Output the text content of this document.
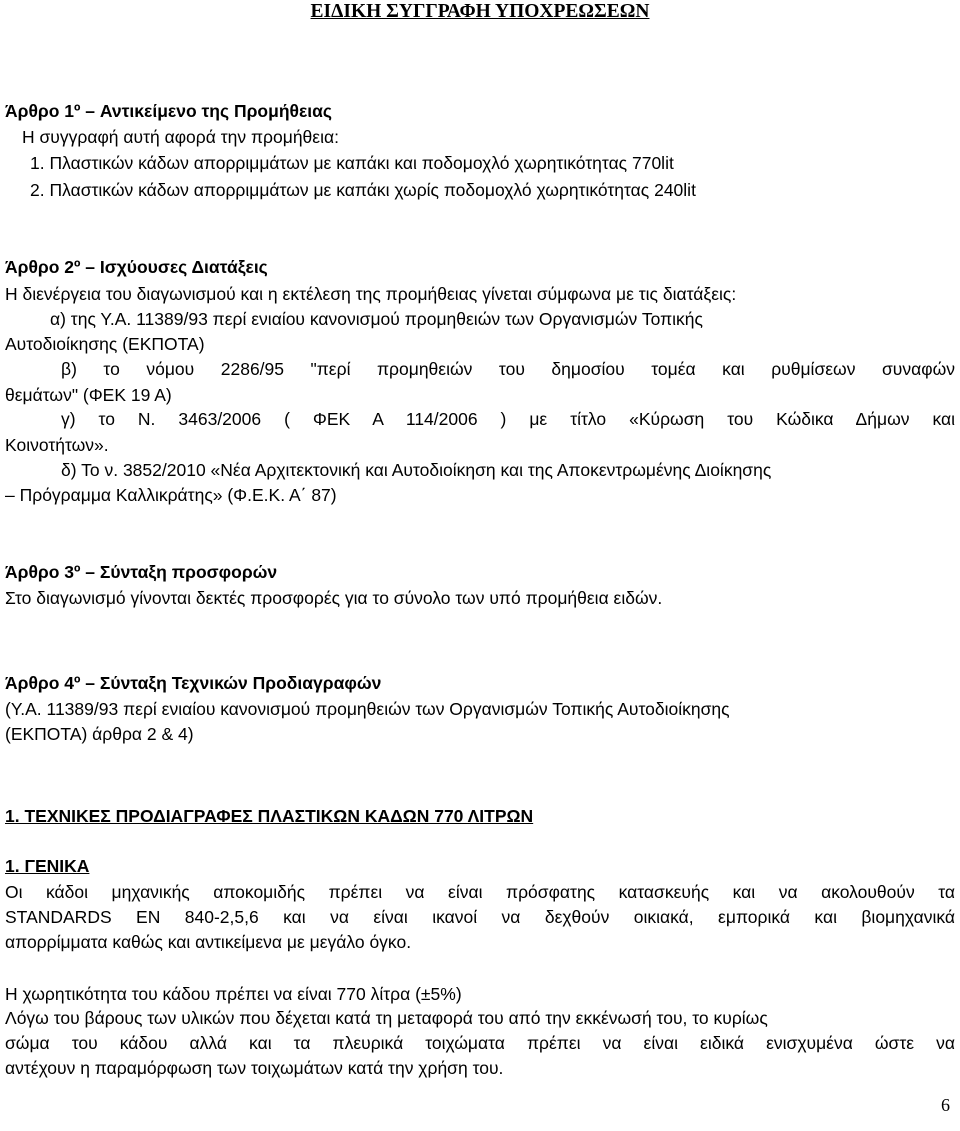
ΕΙΔΙΚΗ ΣΥΓΓΡΑΦΗ ΥΠΟΧΡΕΩΣΕΩΝ
Άρθρο 1º – Αντικείμενο της Προμήθειας
Η συγγραφή αυτή αφορά την προμήθεια:
1. Πλαστικών κάδων απορριμμάτων με καπάκι και ποδομοχλό χωρητικότητας 770lit
2. Πλαστικών κάδων απορριμμάτων με καπάκι χωρίς ποδομοχλό χωρητικότητας 240lit
Άρθρο 2º – Ισχύουσες Διατάξεις
Η διενέργεια του διαγωνισμού και η εκτέλεση της προμήθειας γίνεται σύμφωνα με τις διατάξεις:
α) της Υ.Α. 11389/93 περί ενιαίου κανονισμού προμηθειών των Οργανισμών Τοπικής
Αυτοδιοίκησης (ΕΚΠΟΤΑ)
β) το νόμου 2286/95 "περί προμηθειών του δημοσίου τομέα και ρυθμίσεων συναφών
θεμάτων" (ΦΕΚ 19 Α)
γ) το Ν. 3463/2006 ( ΦΕΚ Α 114/2006 ) με τίτλο «Κύρωση του Κώδικα Δήμων και
Κοινοτήτων».
δ) Το ν. 3852/2010 «Νέα Αρχιτεκτονική και Αυτοδιοίκηση και της Αποκεντρωμένης Διοίκησης
– Πρόγραμμα Καλλικράτης» (Φ.Ε.Κ. Α΄ 87)
Άρθρο 3º – Σύνταξη προσφορών
Στο διαγωνισμό γίνονται δεκτές προσφορές για το σύνολο των υπό προμήθεια ειδών.
Άρθρο 4º – Σύνταξη Τεχνικών Προδιαγραφών
(Υ.Α. 11389/93 περί ενιαίου κανονισμού προμηθειών των Οργανισμών Τοπικής Αυτοδιοίκησης
(ΕΚΠΟΤΑ) άρθρα 2 & 4)
1. ΤΕΧΝΙΚΕΣ ΠΡΟΔΙΑΓΡΑΦΕΣ ΠΛΑΣΤΙΚΩΝ ΚΑΔΩΝ 770 ΛΙΤΡΩΝ
1. ΓΕΝΙΚΑ
Οι κάδοι μηχανικής αποκομιδής πρέπει να είναι πρόσφατης κατασκευής και να ακολουθούν τα
STANDARDS EN 840-2,5,6 και να είναι ικανοί να δεχθούν οικιακά, εμπορικά και βιομηχανικά
απορρίμματα καθώς και αντικείμενα με μεγάλο όγκο.
Η χωρητικότητα του κάδου πρέπει να είναι 770 λίτρα (±5%)
Λόγω του βάρους των υλικών που δέχεται κατά τη μεταφορά του από την εκκένωσή του, το κυρίως
σώμα του κάδου αλλά και τα πλευρικά τοιχώματα πρέπει να είναι ειδικά ενισχυμένα ώστε να
αντέχουν η παραμόρφωση των τοιχωμάτων κατά την χρήση του.
6
